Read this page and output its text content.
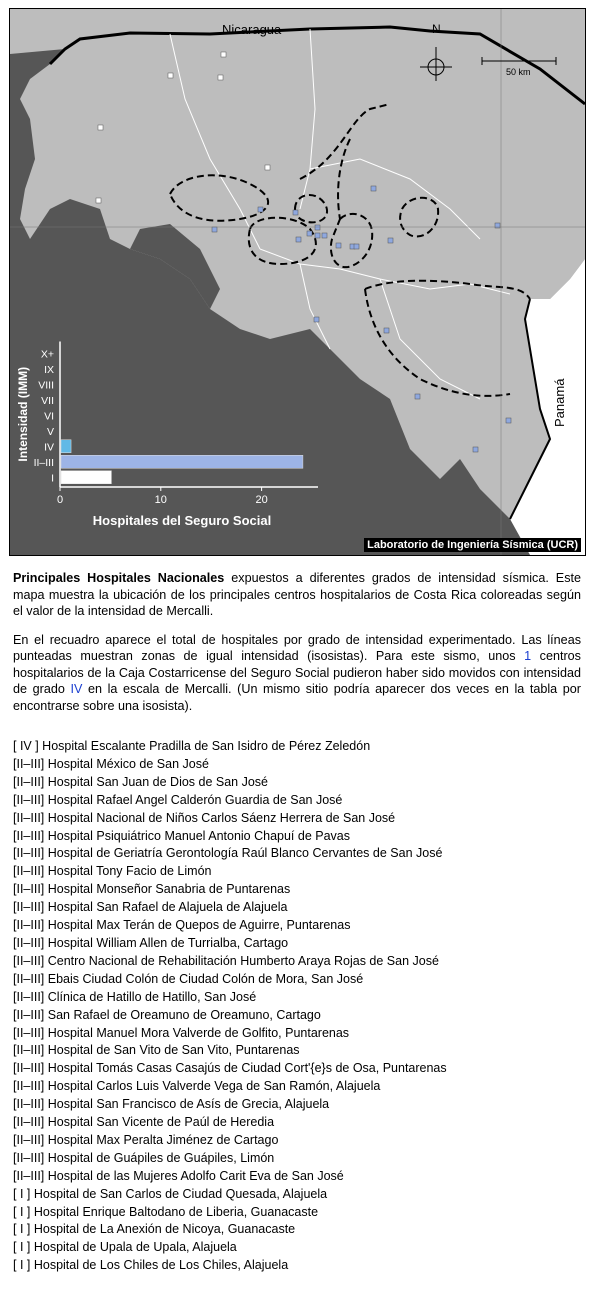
I
II–III
IV
V
VI
VII
VIII
IX
X+
0	10	20
Hospitales del Seguro Social
Intensidad (IMM)
Nicaragua	N
50 km
Panamá
Laboratorio de Ingeniería Sísmica (UCR)

Principales Hospitales Nacionales expuestos a diferentes grados de intensidad sísmica. Este mapa muestra la ubicación de los principales centros hospitalarios de Costa Rica coloreadas según el valor de la intensidad de Mercalli.

En el recuadro aparece el total de hospitales por grado de intensidad experimentado. Las líneas punteadas muestran zonas de igual intensidad (isosistas). Para este sismo, unos 1 centros hospitalarios de la Caja Costarricense del Seguro Social pudieron haber sido movidos con intensidad de grado IV en la escala de Mercalli. (Un mismo sitio podría aparecer dos veces en la tabla por encontrarse sobre una isosista).

[ IV ] Hospital Escalante Pradilla de San Isidro de Pérez Zeledón
[II–III] Hospital México de San José
[II–III] Hospital San Juan de Dios de San José
[II–III] Hospital Rafael Angel Calderón Guardia de San José
[II–III] Hospital Nacional de Niños Carlos Sáenz Herrera de San José
[II–III] Hospital Psiquiátrico Manuel Antonio Chapuí de Pavas
[II–III] Hospital de Geriatría Gerontología Raúl Blanco Cervantes de San José
[II–III] Hospital Tony Facio de Limón
[II–III] Hospital Monseñor Sanabria de Puntarenas
[II–III] Hospital San Rafael de Alajuela de Alajuela
[II–III] Hospital Max Terán de Quepos de Aguirre, Puntarenas
[II–III] Hospital William Allen de Turrialba, Cartago
[II–III] Centro Nacional de Rehabilitación Humberto Araya Rojas de San José
[II–III] Ebais Ciudad Colón de Ciudad Colón de Mora, San José
[II–III] Clínica de Hatillo de Hatillo, San José
[II–III] San Rafael de Oreamuno de Oreamuno, Cartago
[II–III] Hospital Manuel Mora Valverde de Golfito, Puntarenas
[II–III] Hospital de San Vito de San Vito, Puntarenas
[II–III] Hospital Tomás Casas Casajús de Ciudad Cort'{e}s de Osa, Puntarenas
[II–III] Hospital Carlos Luis Valverde Vega de San Ramón, Alajuela
[II–III] Hospital San Francisco de Asís de Grecia, Alajuela
[II–III] Hospital San Vicente de Paúl de Heredia
[II–III] Hospital Max Peralta Jiménez de Cartago
[II–III] Hospital de Guápiles de Guápiles, Limón
[II–III] Hospital de las Mujeres Adolfo Carit Eva de San José
[ I ] Hospital de San Carlos de Ciudad Quesada, Alajuela
[ I ] Hospital Enrique Baltodano de Liberia, Guanacaste
[ I ] Hospital de La Anexión de Nicoya, Guanacaste
[ I ] Hospital de Upala de Upala, Alajuela
[ I ] Hospital de Los Chiles de Los Chiles, Alajuela
